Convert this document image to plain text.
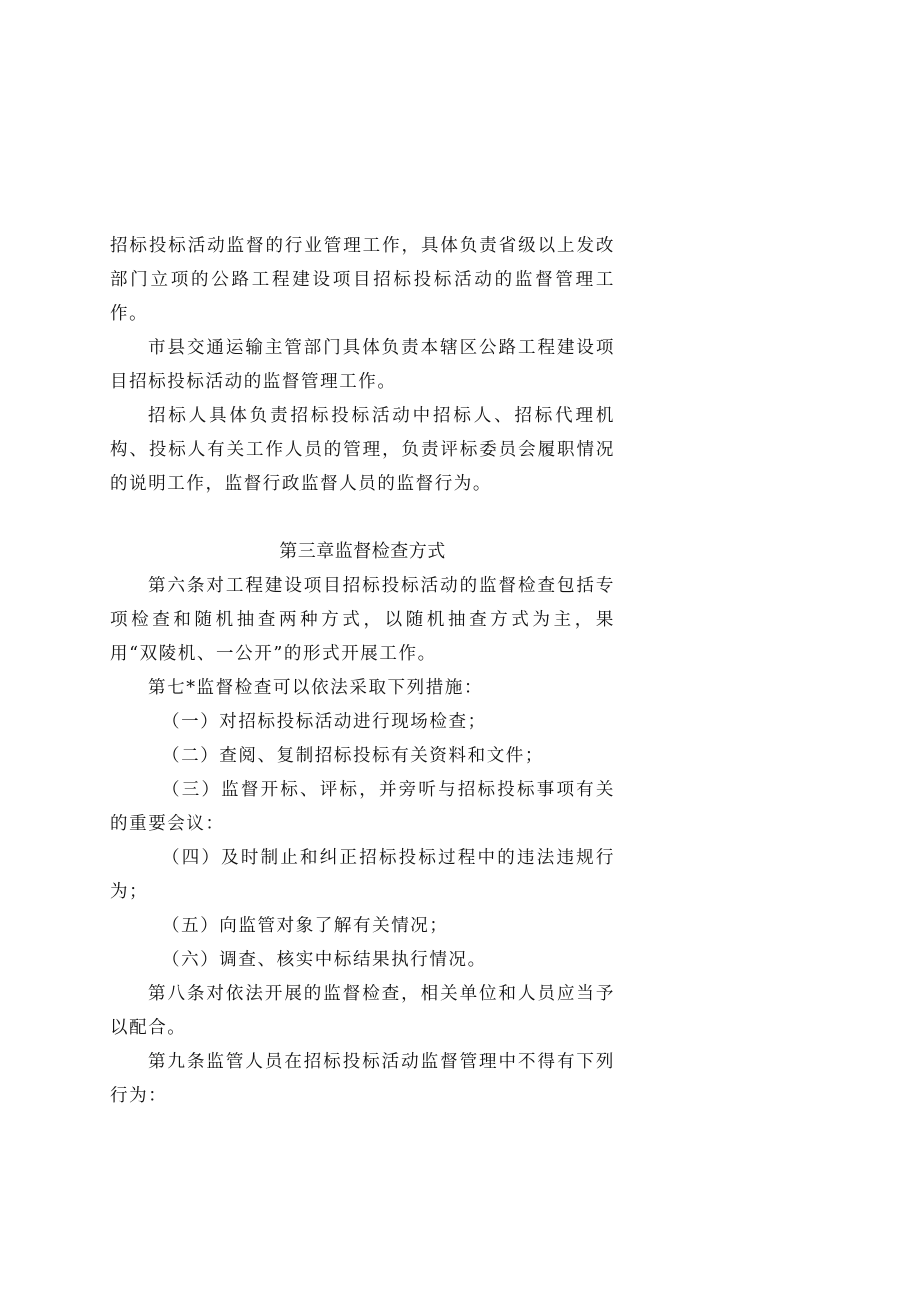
招标投标活动监督的行业管理工作，具体负责省级以上发改部门立项的公路工程建设项目招标投标活动的监督管理工作。

市县交通运输主管部门具体负责本辖区公路工程建设项目招标投标活动的监督管理工作。

招标人具体负责招标投标活动中招标人、招标代理机构、投标人有关工作人员的管理，负责评标委员会履职情况的说明工作，监督行政监督人员的监督行为。

第三章监督检查方式

第六条对工程建设项目招标投标活动的监督检查包括专项检查和随机抽查两种方式，以随机抽查方式为主，果用“双陵机、一公开”的形式开展工作。

第七*监督检查可以依法采取下列措施：

（一）对招标投标活动进行现场检查；

（二）查阅、复制招标投标有关资料和文件；

（三）监督开标、评标，并旁听与招标投标事项有关的重要会议：

（四）及时制止和纠正招标投标过程中的违法违规行为；

（五）向监管对象了解有关情况；

（六）调查、核实中标结果执行情况。

第八条对依法开展的监督检查，相关单位和人员应当予以配合。

第九条监管人员在招标投标活动监督管理中不得有下列行为：
